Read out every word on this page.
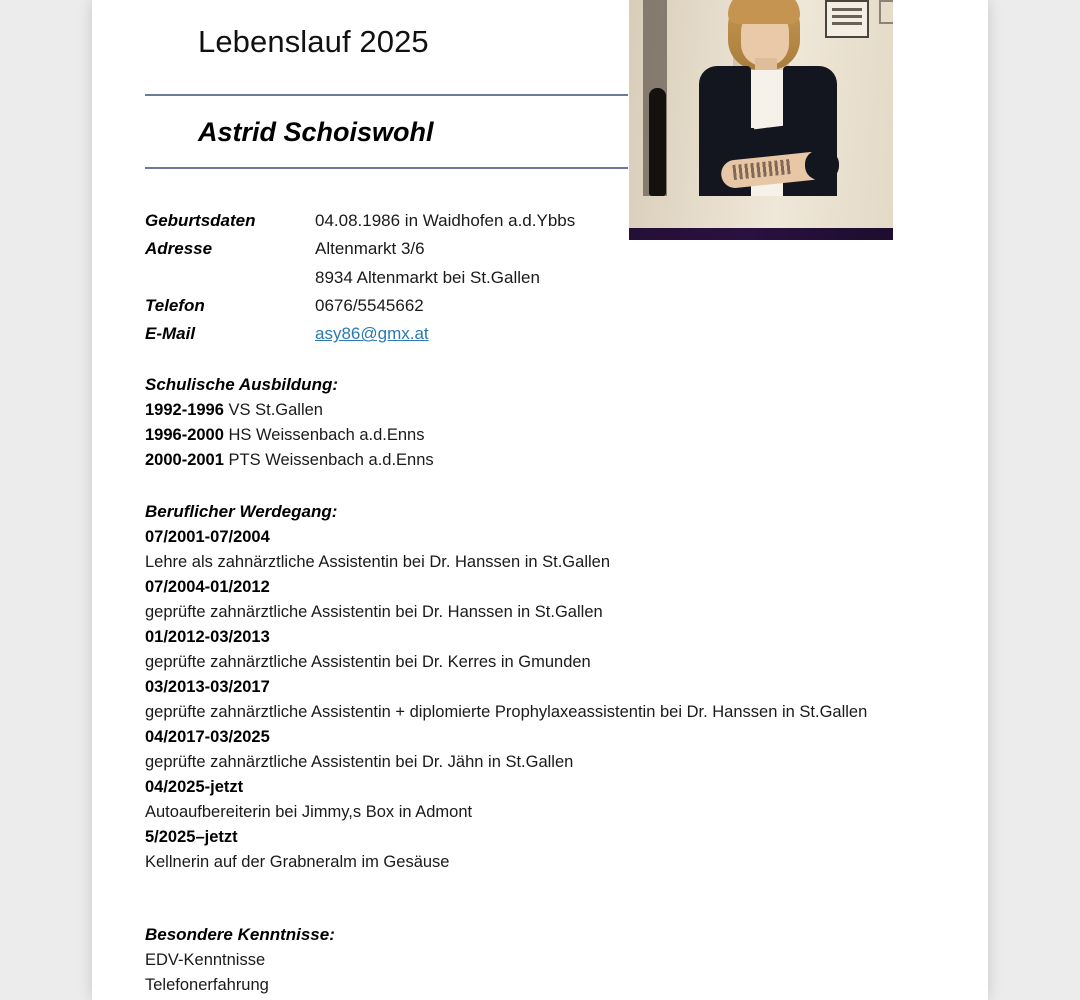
Lebenslauf 2025
Astrid Schoiswohl
Geburtsdaten	04.08.1986 in Waidhofen a.d.Ybbs
Adresse	Altenmarkt 3/6
	8934 Altenmarkt bei St.Gallen
Telefon	0676/5545662
E-Mail	asy86@gmx.at
Schulische Ausbildung:
1992-1996 VS St.Gallen
1996-2000 HS Weissenbach a.d.Enns
2000-2001 PTS Weissenbach a.d.Enns
Beruflicher Werdegang:
07/2001-07/2004
Lehre als zahnärztliche Assistentin bei Dr. Hanssen in St.Gallen
07/2004-01/2012
geprüfte zahnärztliche Assistentin bei Dr. Hanssen in St.Gallen
01/2012-03/2013
geprüfte zahnärztliche Assistentin bei Dr. Kerres in Gmunden
03/2013-03/2017
geprüfte zahnärztliche Assistentin + diplomierte Prophylaxeassistentin bei Dr. Hanssen in St.Gallen
04/2017-03/2025
geprüfte zahnärztliche Assistentin bei Dr. Jähn in St.Gallen
04/2025-jetzt
Autoaufbereiterin bei Jimmy,s Box in Admont
5/2025–jetzt
Kellnerin auf der Grabneralm im Gesäuse
Besondere Kenntnisse:
EDV-Kenntnisse
Telefonerfahrung
